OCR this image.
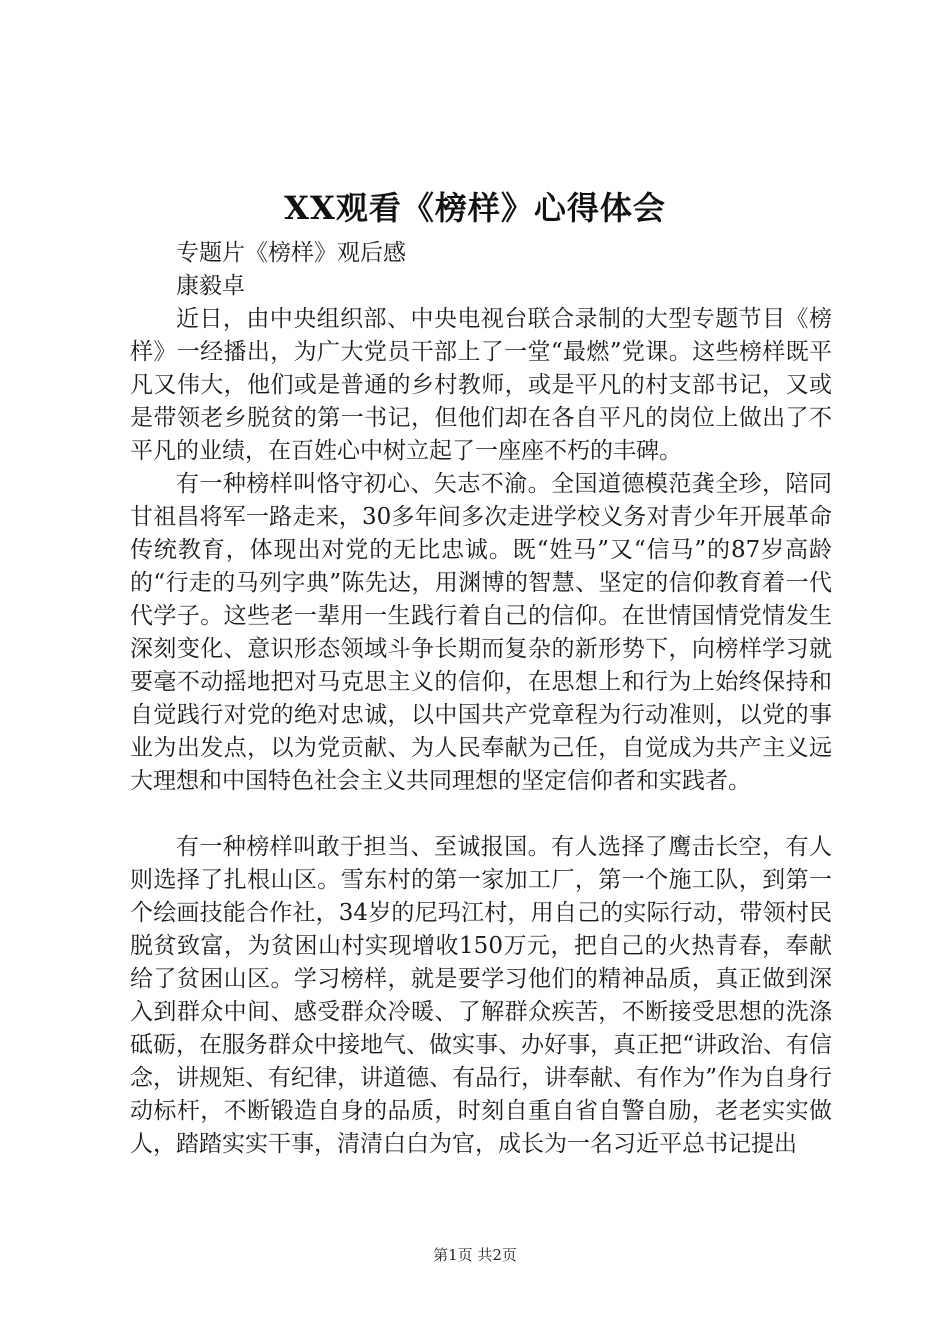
XX观看《榜样》心得体会

专题片《榜样》观后感

康毅卓

近日，由中央组织部、中央电视台联合录制的大型专题节目《榜样》一经播出，为广大党员干部上了一堂“最燃”党课。这些榜样既平凡又伟大，他们或是普通的乡村教师，或是平凡的村支部书记，又或是带领老乡脱贫的第一书记，但他们却在各自平凡的岗位上做出了不平凡的业绩，在百姓心中树立起了一座座不朽的丰碑。

有一种榜样叫恪守初心、矢志不渝。全国道德模范龚全珍，陪同甘祖昌将军一路走来，30多年间多次走进学校义务对青少年开展革命传统教育，体现出对党的无比忠诚。既“姓马”又“信马”的87岁高龄的“行走的马列字典”陈先达，用渊博的智慧、坚定的信仰教育着一代代学子。这些老一辈用一生践行着自己的信仰。在世情国情党情发生深刻变化、意识形态领域斗争长期而复杂的新形势下，向榜样学习就要毫不动摇地把对马克思主义的信仰，在思想上和行为上始终保持和自觉践行对党的绝对忠诚，以中国共产党章程为行动准则，以党的事业为出发点，以为党贡献、为人民奉献为己任，自觉成为共产主义远大理想和中国特色社会主义共同理想的坚定信仰者和实践者。

有一种榜样叫敢于担当、至诚报国。有人选择了鹰击长空，有人则选择了扎根山区。雪东村的第一家加工厂，第一个施工队，到第一个绘画技能合作社，34岁的尼玛江村，用自己的实际行动，带领村民脱贫致富，为贫困山村实现增收150万元，把自己的火热青春，奉献给了贫困山区。学习榜样，就是要学习他们的精神品质，真正做到深入到群众中间、感受群众冷暖、了解群众疾苦，不断接受思想的洗涤砥砺，在服务群众中接地气、做实事、办好事，真正把“讲政治、有信念，讲规矩、有纪律，讲道德、有品行，讲奉献、有作为”作为自身行动标杆，不断锻造自身的品质，时刻自重自省自警自励，老老实实做人，踏踏实实干事，清清白白为官，成长为一名习近平总书记提出

第1页 共2页
